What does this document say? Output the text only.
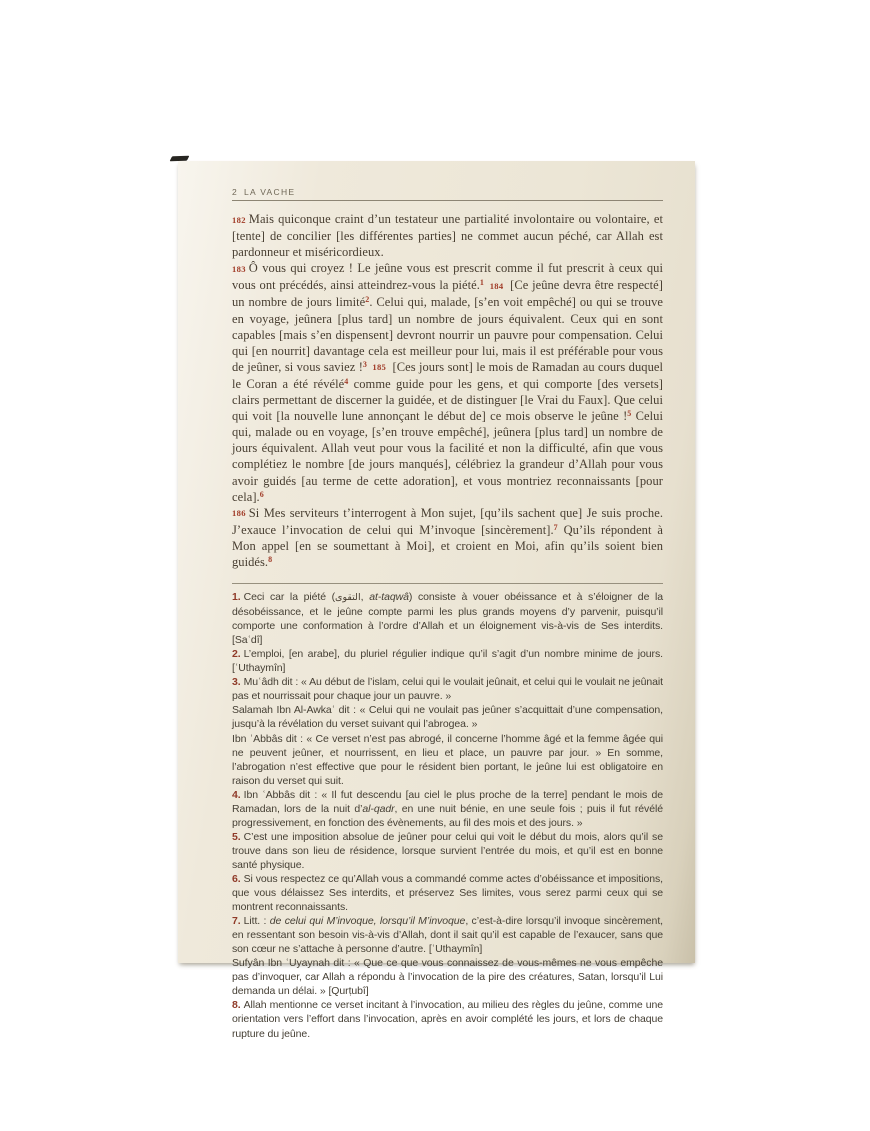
2 LA VACHE

182 Mais quiconque craint d’un testateur une partialité involontaire ou volontaire, et [tente] de concilier [les différentes parties] ne commet aucun péché, car Allah est pardonneur et miséricordieux.

183 Ô vous qui croyez ! Le jeûne vous est prescrit comme il fut prescrit à ceux qui vous ont précédés, ainsi atteindrez-vous la piété.$^1$ 184 [Ce jeûne devra être respecté] un nombre de jours limité$^2$. Celui qui, malade, [s’en voit empêché] ou qui se trouve en voyage, jeûnera [plus tard] un nombre de jours équivalent. Ceux qui en sont capables [mais s’en dispensent] devront nourrir un pauvre pour compensation. Celui qui [en nourrit] davantage cela est meilleur pour lui, mais il est préférable pour vous de jeûner, si vous saviez !$^3$ 185 [Ces jours sont] le mois de Ramadan au cours duquel le Coran a été révélé$^4$ comme guide pour les gens, et qui comporte [des versets] clairs permettant de discerner la guidée, et de distinguer [le Vrai du Faux]. Que celui qui voit [la nouvelle lune annonçant le début de] ce mois observe le jeûne !$^5$ Celui qui, malade ou en voyage, [s’en trouve empêché], jeûnera [plus tard] un nombre de jours équivalent. Allah veut pour vous la facilité et non la difficulté, afin que vous complétiez le nombre [de jours manqués], célébriez la grandeur d’Allah pour vous avoir guidés [au terme de cette adoration], et vous montriez reconnaissants [pour cela].$^6$

186 Si Mes serviteurs t’interrogent à Mon sujet, [qu’ils sachent que] Je suis proche. J’exauce l’invocation de celui qui M’invoque [sincèrement].$^7$ Qu’ils répondent à Mon appel [en se soumettant à Moi], et croient en Moi, afin qu’ils soient bien guidés.$^8$

1. Ceci car la piété (التقوى, at-taqwâ) consiste à vouer obéissance et à s’éloigner de la désobéissance, et le jeûne compte parmi les plus grands moyens d’y parvenir, puisqu’il comporte une conformation à l’ordre d’Allah et un éloignement vis-à-vis de Ses interdits. [Saʿdî]

2. L’emploi, [en arabe], du pluriel régulier indique qu’il s’agit d’un nombre minime de jours. [ʿUthaymîn]

3. Muʿâdh dit : « Au début de l’islam, celui qui le voulait jeûnait, et celui qui le voulait ne jeûnait pas et nourrissait pour chaque jour un pauvre. »

Salamah Ibn Al-Awkaʿ dit : « Celui qui ne voulait pas jeûner s’acquittait d’une compensation, jusqu’à la révélation du verset suivant qui l’abrogea. »

Ibn ʿAbbâs dit : « Ce verset n’est pas abrogé, il concerne l’homme âgé et la femme âgée qui ne peuvent jeûner, et nourrissent, en lieu et place, un pauvre par jour. » En somme, l’abrogation n’est effective que pour le résident bien portant, le jeûne lui est obligatoire en raison du verset qui suit.

4. Ibn ʿAbbâs dit : « Il fut descendu [au ciel le plus proche de la terre] pendant le mois de Ramadan, lors de la nuit d’al-qadr, en une nuit bénie, en une seule fois ; puis il fut révélé progressivement, en fonction des évènements, au fil des mois et des jours. »

5. C’est une imposition absolue de jeûner pour celui qui voit le début du mois, alors qu’il se trouve dans son lieu de résidence, lorsque survient l’entrée du mois, et qu’il est en bonne santé physique.

6. Si vous respectez ce qu’Allah vous a commandé comme actes d’obéissance et impositions, que vous délaissez Ses interdits, et préservez Ses limites, vous serez parmi ceux qui se montrent reconnaissants.

7. Litt. : de celui qui M’invoque, lorsqu’il M’invoque, c’est-à-dire lorsqu’il invoque sincèrement, en ressentant son besoin vis-à-vis d’Allah, dont il sait qu’il est capable de l’exaucer, sans que son cœur ne s’attache à personne d’autre. [ʿUthaymîn]

Sufyân Ibn ʿUyaynah dit : « Que ce que vous connaissez de vous-mêmes ne vous empêche pas d’invoquer, car Allah a répondu à l’invocation de la pire des créatures, Satan, lorsqu’il Lui demanda un délai. » [Qurṭubî]

8. Allah mentionne ce verset incitant à l’invocation, au milieu des règles du jeûne, comme une orientation vers l’effort dans l’invocation, après en avoir complété les jours, et lors de chaque rupture du jeûne.
